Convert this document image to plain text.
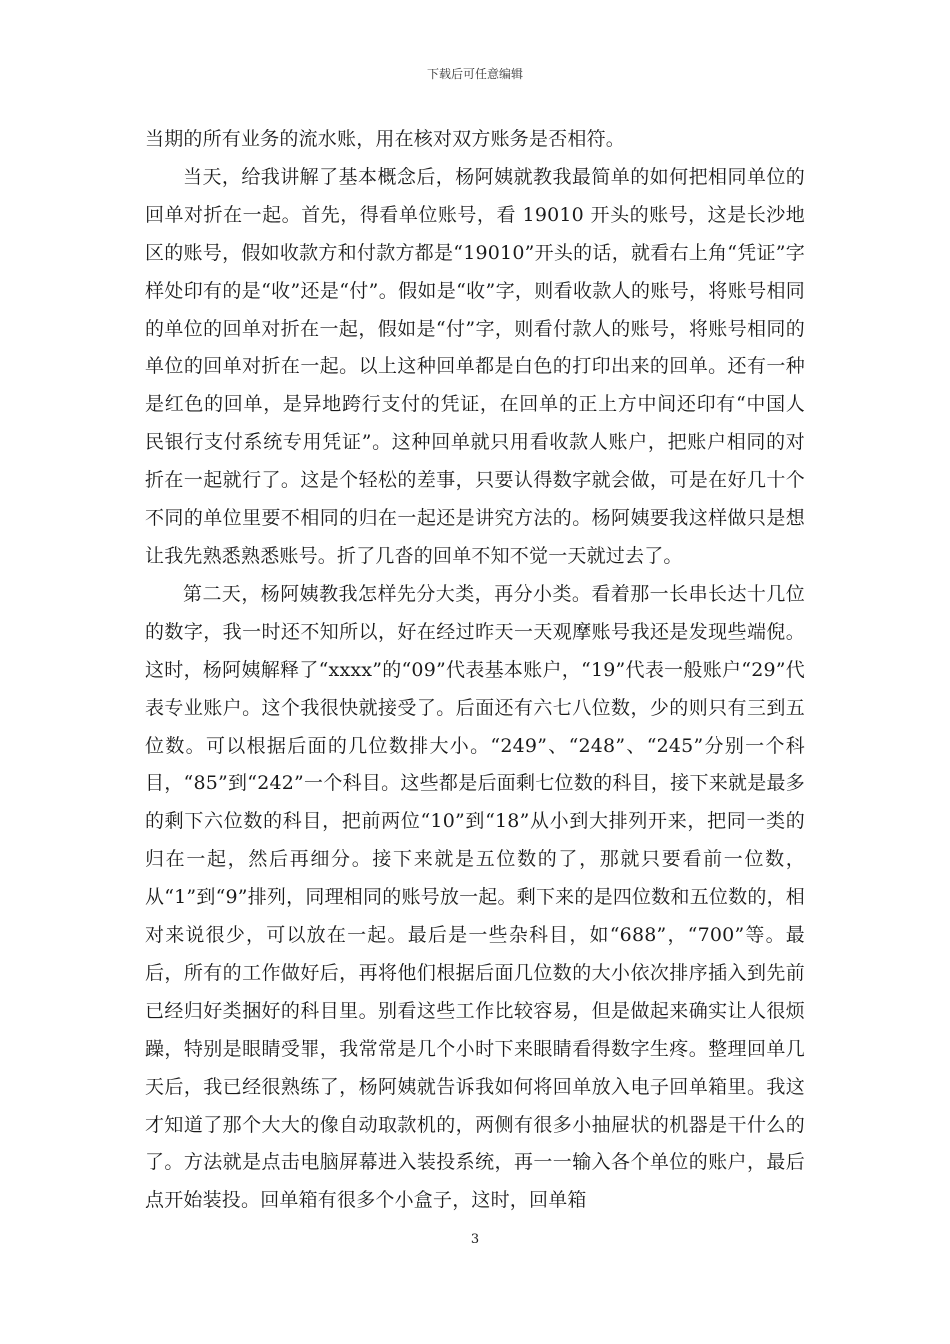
下载后可任意编辑

当期的所有业务的流水账，用在核对双方账务是否相符。

当天，给我讲解了基本概念后，杨阿姨就教我最简单的如何把相同单位的回单对折在一起。首先，得看单位账号，看 19010 开头的账号，这是长沙地区的账号，假如收款方和付款方都是“19010”开头的话，就看右上角“凭证”字样处印有的是“收”还是“付”。假如是“收”字，则看收款人的账号，将账号相同的单位的回单对折在一起，假如是“付”字，则看付款人的账号，将账号相同的单位的回单对折在一起。以上这种回单都是白色的打印出来的回单。还有一种是红色的回单，是异地跨行支付的凭证，在回单的正上方中间还印有“中国人民银行支付系统专用凭证”。这种回单就只用看收款人账户，把账户相同的对折在一起就行了。这是个轻松的差事，只要认得数字就会做，可是在好几十个不同的单位里要不相同的归在一起还是讲究方法的。杨阿姨要我这样做只是想让我先熟悉熟悉账号。折了几沓的回单不知不觉一天就过去了。

第二天，杨阿姨教我怎样先分大类，再分小类。看着那一长串长达十几位的数字，我一时还不知所以，好在经过昨天一天观摩账号我还是发现些端倪。这时，杨阿姨解释了“xxxx”的“09”代表基本账户，“19”代表一般账户“29”代表专业账户。这个我很快就接受了。后面还有六七八位数，少的则只有三到五位数。可以根据后面的几位数排大小。“249”、“248”、“245”分别一个科目，“85”到“242”一个科目。这些都是后面剩七位数的科目，接下来就是最多的剩下六位数的科目，把前两位“10”到“18”从小到大排列开来，把同一类的归在一起，然后再细分。接下来就是五位数的了，那就只要看前一位数，从“1”到“9”排列，同理相同的账号放一起。剩下来的是四位数和五位数的，相对来说很少，可以放在一起。最后是一些杂科目，如“688”，“700”等。最后，所有的工作做好后，再将他们根据后面几位数的大小依次排序插入到先前已经归好类捆好的科目里。别看这些工作比较容易，但是做起来确实让人很烦躁，特别是眼睛受罪，我常常是几个小时下来眼睛看得数字生疼。整理回单几天后，我已经很熟练了，杨阿姨就告诉我如何将回单放入电子回单箱里。我这才知道了那个大大的像自动取款机的，两侧有很多小抽屉状的机器是干什么的了。方法就是点击电脑屏幕进入装投系统，再一一输入各个单位的账户，最后点开始装投。回单箱有很多个小盒子，这时，回单箱

3
